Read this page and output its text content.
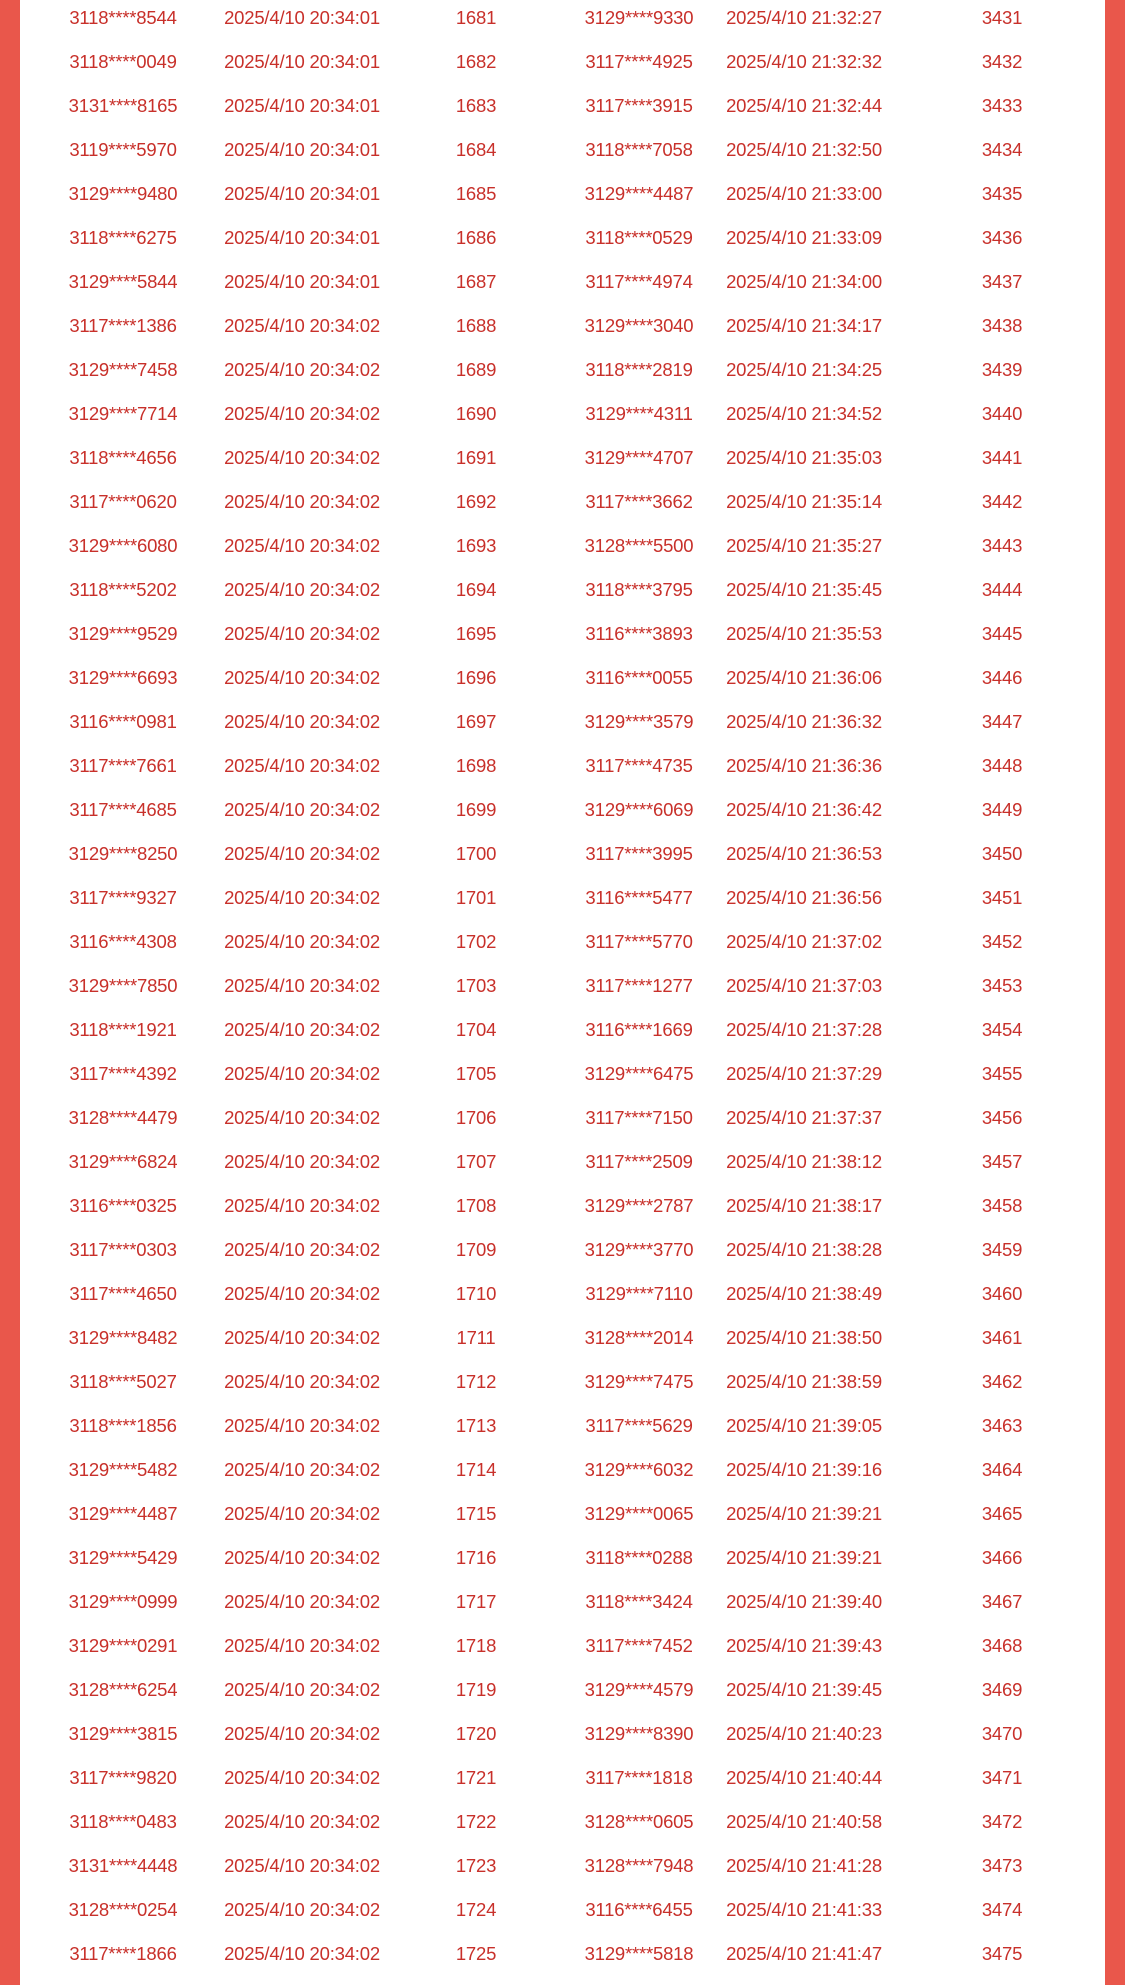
3118****8544	2025/4/10 20:34:01	1681	3129****9330 2025/4/10 21:32:27	3431
3118****0049	2025/4/10 20:34:01	1682	3117****4925 2025/4/10 21:32:32	3432
3131****8165	2025/4/10 20:34:01	1683	3117****3915 2025/4/10 21:32:44	3433
3119****5970	2025/4/10 20:34:01	1684	3118****7058 2025/4/10 21:32:50	3434
3129****9480	2025/4/10 20:34:01	1685	3129****4487 2025/4/10 21:33:00	3435
3118****6275	2025/4/10 20:34:01	1686	3118****0529 2025/4/10 21:33:09	3436
3129****5844	2025/4/10 20:34:01	1687	3117****4974 2025/4/10 21:34:00	3437
3117****1386	2025/4/10 20:34:02	1688	3129****3040 2025/4/10 21:34:17	3438
3129****7458	2025/4/10 20:34:02	1689	3118****2819 2025/4/10 21:34:25	3439
3129****7714	2025/4/10 20:34:02	1690	3129****4311 2025/4/10 21:34:52	3440
3118****4656	2025/4/10 20:34:02	1691	3129****4707 2025/4/10 21:35:03	3441
3117****0620	2025/4/10 20:34:02	1692	3117****3662 2025/4/10 21:35:14	3442
3129****6080	2025/4/10 20:34:02	1693	3128****5500 2025/4/10 21:35:27	3443
3118****5202	2025/4/10 20:34:02	1694	3118****3795 2025/4/10 21:35:45	3444
3129****9529	2025/4/10 20:34:02	1695	3116****3893 2025/4/10 21:35:53	3445
3129****6693	2025/4/10 20:34:02	1696	3116****0055 2025/4/10 21:36:06	3446
3116****0981	2025/4/10 20:34:02	1697	3129****3579 2025/4/10 21:36:32	3447
3117****7661	2025/4/10 20:34:02	1698	3117****4735 2025/4/10 21:36:36	3448
3117****4685	2025/4/10 20:34:02	1699	3129****6069 2025/4/10 21:36:42	3449
3129****8250	2025/4/10 20:34:02	1700	3117****3995 2025/4/10 21:36:53	3450
3117****9327	2025/4/10 20:34:02	1701	3116****5477 2025/4/10 21:36:56	3451
3116****4308	2025/4/10 20:34:02	1702	3117****5770 2025/4/10 21:37:02	3452
3129****7850	2025/4/10 20:34:02	1703	3117****1277 2025/4/10 21:37:03	3453
3118****1921	2025/4/10 20:34:02	1704	3116****1669 2025/4/10 21:37:28	3454
3117****4392	2025/4/10 20:34:02	1705	3129****6475 2025/4/10 21:37:29	3455
3128****4479	2025/4/10 20:34:02	1706	3117****7150 2025/4/10 21:37:37	3456
3129****6824	2025/4/10 20:34:02	1707	3117****2509 2025/4/10 21:38:12	3457
3116****0325	2025/4/10 20:34:02	1708	3129****2787 2025/4/10 21:38:17	3458
3117****0303	2025/4/10 20:34:02	1709	3129****3770 2025/4/10 21:38:28	3459
3117****4650	2025/4/10 20:34:02	1710	3129****7110 2025/4/10 21:38:49	3460
3129****8482	2025/4/10 20:34:02	1711	3128****2014 2025/4/10 21:38:50	3461
3118****5027	2025/4/10 20:34:02	1712	3129****7475 2025/4/10 21:38:59	3462
3118****1856	2025/4/10 20:34:02	1713	3117****5629 2025/4/10 21:39:05	3463
3129****5482	2025/4/10 20:34:02	1714	3129****6032 2025/4/10 21:39:16	3464
3129****4487	2025/4/10 20:34:02	1715	3129****0065 2025/4/10 21:39:21	3465
3129****5429	2025/4/10 20:34:02	1716	3118****0288 2025/4/10 21:39:21	3466
3129****0999	2025/4/10 20:34:02	1717	3118****3424 2025/4/10 21:39:40	3467
3129****0291	2025/4/10 20:34:02	1718	3117****7452 2025/4/10 21:39:43	3468
3128****6254	2025/4/10 20:34:02	1719	3129****4579 2025/4/10 21:39:45	3469
3129****3815	2025/4/10 20:34:02	1720	3129****8390 2025/4/10 21:40:23	3470
3117****9820	2025/4/10 20:34:02	1721	3117****1818 2025/4/10 21:40:44	3471
3118****0483	2025/4/10 20:34:02	1722	3128****0605 2025/4/10 21:40:58	3472
3131****4448	2025/4/10 20:34:02	1723	3128****7948 2025/4/10 21:41:28	3473
3128****0254	2025/4/10 20:34:02	1724	3116****6455 2025/4/10 21:41:33	3474
3117****1866	2025/4/10 20:34:02	1725	3129****5818 2025/4/10 21:41:47	3475
